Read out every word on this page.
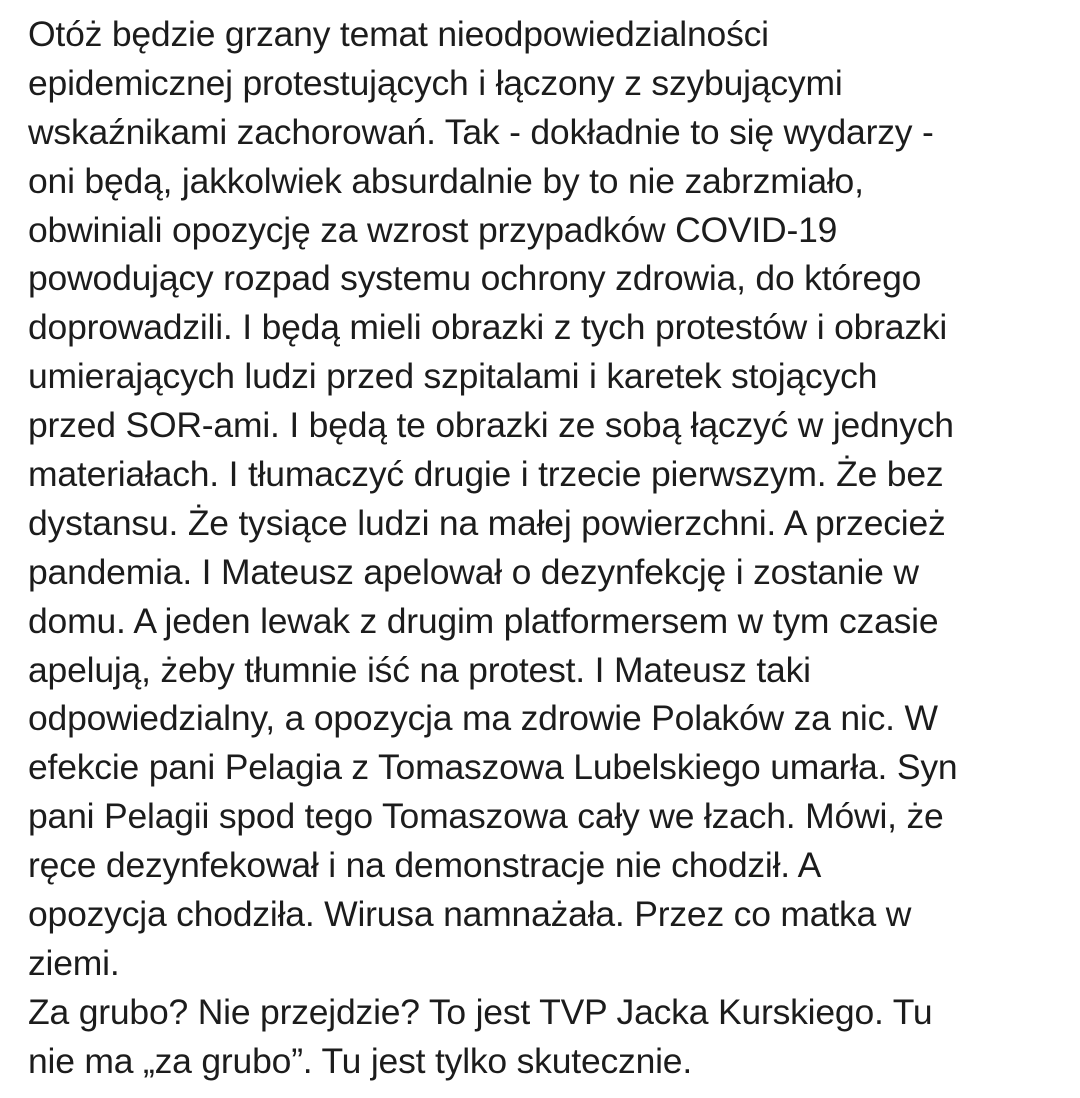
Otóż będzie grzany temat nieodpowiedzialności
epidemicznej protestujących i łączony z szybującymi
wskaźnikami zachorowań. Tak - dokładnie to się wydarzy -
oni będą, jakkolwiek absurdalnie by to nie zabrzmiało,
obwiniali opozycję za wzrost przypadków COVID-19
powodujący rozpad systemu ochrony zdrowia, do którego
doprowadzili. I będą mieli obrazki z tych protestów i obrazki
umierających ludzi przed szpitalami i karetek stojących
przed SOR-ami. I będą te obrazki ze sobą łączyć w jednych
materiałach. I tłumaczyć drugie i trzecie pierwszym. Że bez
dystansu. Że tysiące ludzi na małej powierzchni. A przecież
pandemia. I Mateusz apelował o dezynfekcję i zostanie w
domu. A jeden lewak z drugim platformersem w tym czasie
apelują, żeby tłumnie iść na protest. I Mateusz taki
odpowiedzialny, a opozycja ma zdrowie Polaków za nic. W
efekcie pani Pelagia z Tomaszowa Lubelskiego umarła. Syn
pani Pelagii spod tego Tomaszowa cały we łzach. Mówi, że
ręce dezynfekował i na demonstracje nie chodził. A
opozycja chodziła. Wirusa namnażała. Przez co matka w
ziemi.
Za grubo? Nie przejdzie? To jest TVP Jacka Kurskiego. Tu
nie ma „za grubo”. Tu jest tylko skutecznie.
